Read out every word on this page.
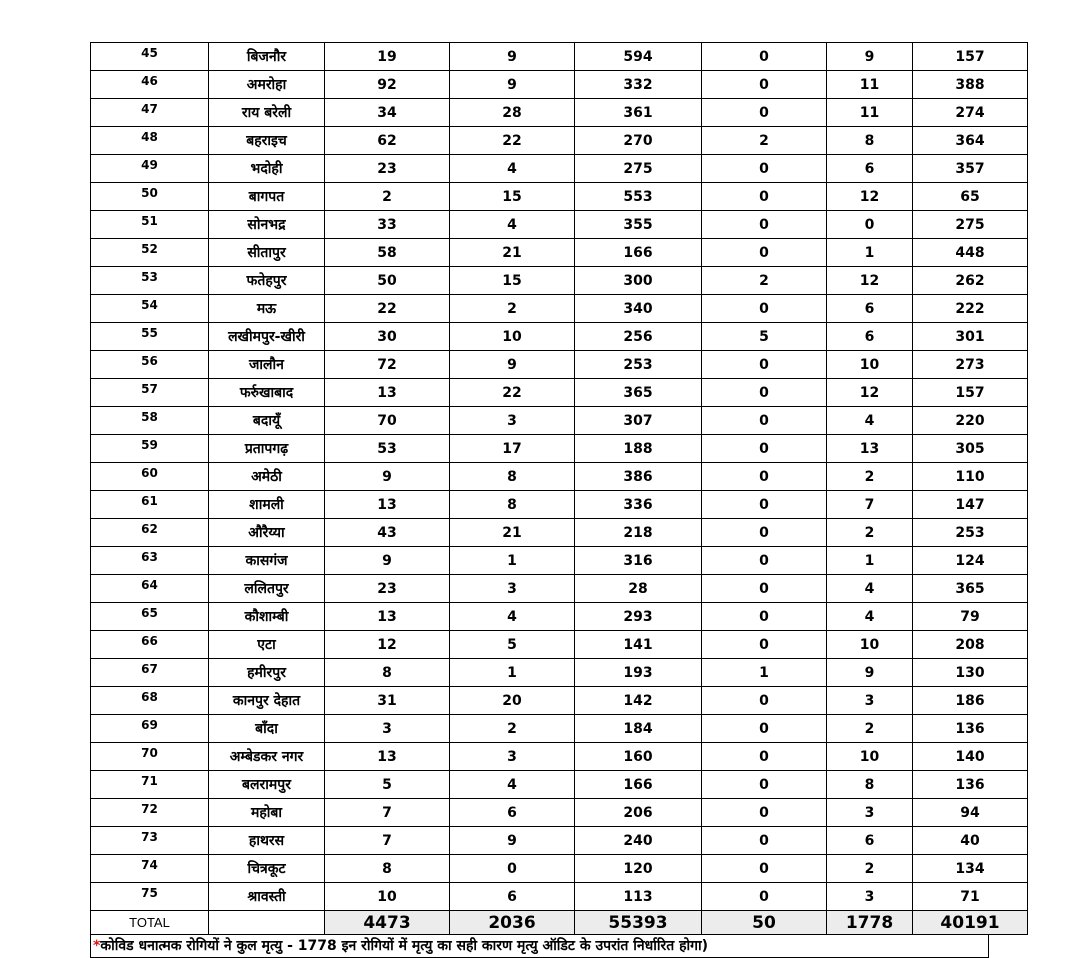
45	बिजनौर	19	9	594	0	9	157
46	अमरोहा	92	9	332	0	11	388
47	राय बरेली	34	28	361	0	11	274
48	बहराइच	62	22	270	2	8	364
49	भदोही	23	4	275	0	6	357
50	बागपत	2	15	553	0	12	65
51	सोनभद्र	33	4	355	0	0	275
52	सीतापुर	58	21	166	0	1	448
53	फतेहपुर	50	15	300	2	12	262
54	मऊ	22	2	340	0	6	222
55	लखीमपुर-खीरी	30	10	256	5	6	301
56	जालौन	72	9	253	0	10	273
57	फर्रुखाबाद	13	22	365	0	12	157
58	बदायूँ	70	3	307	0	4	220
59	प्रतापगढ़	53	17	188	0	13	305
60	अमेठी	9	8	386	0	2	110
61	शामली	13	8	336	0	7	147
62	औरैय्या	43	21	218	0	2	253
63	कासगंज	9	1	316	0	1	124
64	ललितपुर	23	3	28	0	4	365
65	कौशाम्बी	13	4	293	0	4	79
66	एटा	12	5	141	0	10	208
67	हमीरपुर	8	1	193	1	9	130
68	कानपुर देहात	31	20	142	0	3	186
69	बाँदा	3	2	184	0	2	136
70	अम्बेडकर नगर	13	3	160	0	10	140
71	बलरामपुर	5	4	166	0	8	136
72	महोबा	7	6	206	0	3	94
73	हाथरस	7	9	240	0	6	40
74	चित्रकूट	8	0	120	0	2	134
75	श्रावस्ती	10	6	113	0	3	71
TOTAL		4473	2036	55393	50	1778	40191
*कोविड धनात्मक रोगियों ने कुल मृत्यु - 1778 इन रोगियों में मृत्यु का सही कारण मृत्यु ऑडिट के उपरांत निर्धारित होगा)
